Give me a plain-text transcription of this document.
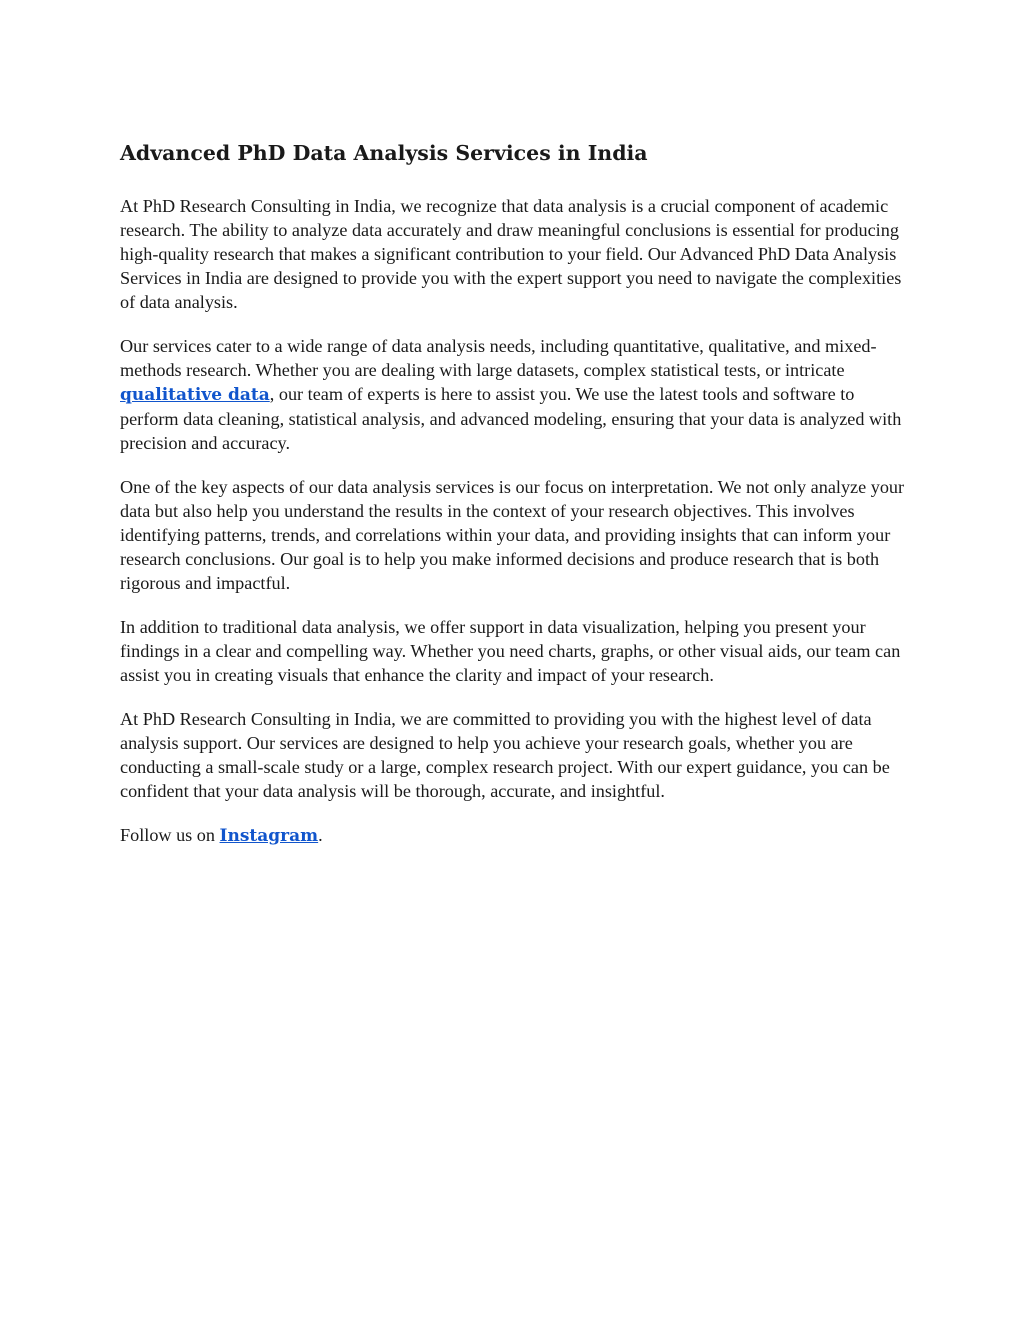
Advanced PhD Data Analysis Services in India

At PhD Research Consulting in India, we recognize that data analysis is a crucial component of academic research. The ability to analyze data accurately and draw meaningful conclusions is essential for producing high-quality research that makes a significant contribution to your field. Our Advanced PhD Data Analysis Services in India are designed to provide you with the expert support you need to navigate the complexities of data analysis.

Our services cater to a wide range of data analysis needs, including quantitative, qualitative, and mixed-methods research. Whether you are dealing with large datasets, complex statistical tests, or intricate qualitative data, our team of experts is here to assist you. We use the latest tools and software to perform data cleaning, statistical analysis, and advanced modeling, ensuring that your data is analyzed with precision and accuracy.

One of the key aspects of our data analysis services is our focus on interpretation. We not only analyze your data but also help you understand the results in the context of your research objectives. This involves identifying patterns, trends, and correlations within your data, and providing insights that can inform your research conclusions. Our goal is to help you make informed decisions and produce research that is both rigorous and impactful.

In addition to traditional data analysis, we offer support in data visualization, helping you present your findings in a clear and compelling way. Whether you need charts, graphs, or other visual aids, our team can assist you in creating visuals that enhance the clarity and impact of your research.

At PhD Research Consulting in India, we are committed to providing you with the highest level of data analysis support. Our services are designed to help you achieve your research goals, whether you are conducting a small-scale study or a large, complex research project. With our expert guidance, you can be confident that your data analysis will be thorough, accurate, and insightful.

Follow us on Instagram.
